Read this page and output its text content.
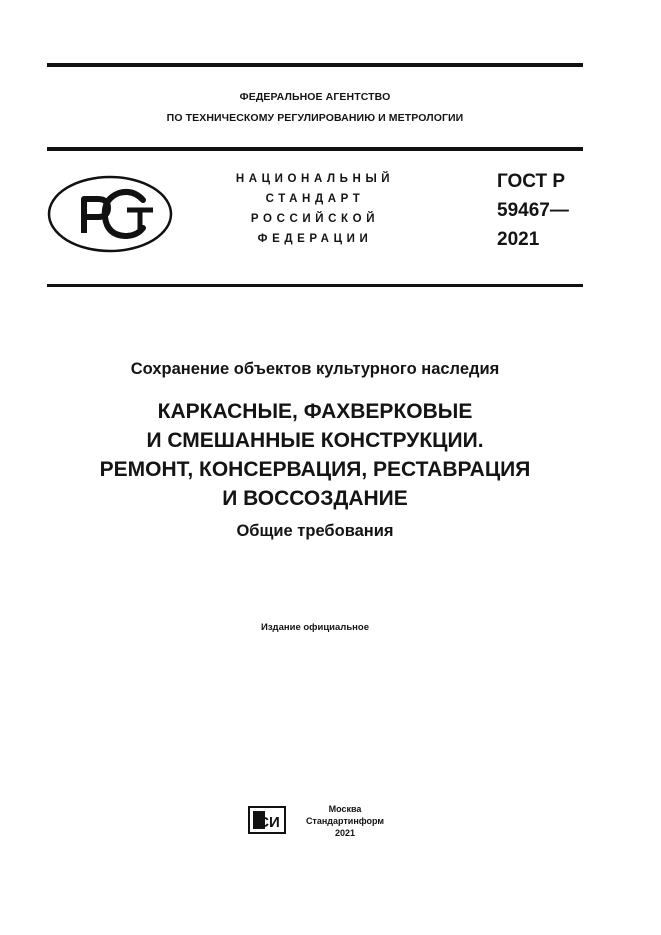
ФЕДЕРАЛЬНОЕ АГЕНТСТВО
ПО ТЕХНИЧЕСКОМУ РЕГУЛИРОВАНИЮ И МЕТРОЛОГИИ
НАЦИОНАЛЬНЫЙ
СТАНДАРТ
РОССИЙСКОЙ
ФЕДЕРАЦИИ
ГОСТ Р
59467—
2021
Сохранение объектов культурного наследия
КАРКАСНЫЕ, ФАХВЕРКОВЫЕ
И СМЕШАННЫЕ КОНСТРУКЦИИ.
РЕМОНТ, КОНСЕРВАЦИЯ, РЕСТАВРАЦИЯ
И ВОССОЗДАНИЕ
Общие требования
Издание официальное
СИ
Москва
Стандартинформ
2021
